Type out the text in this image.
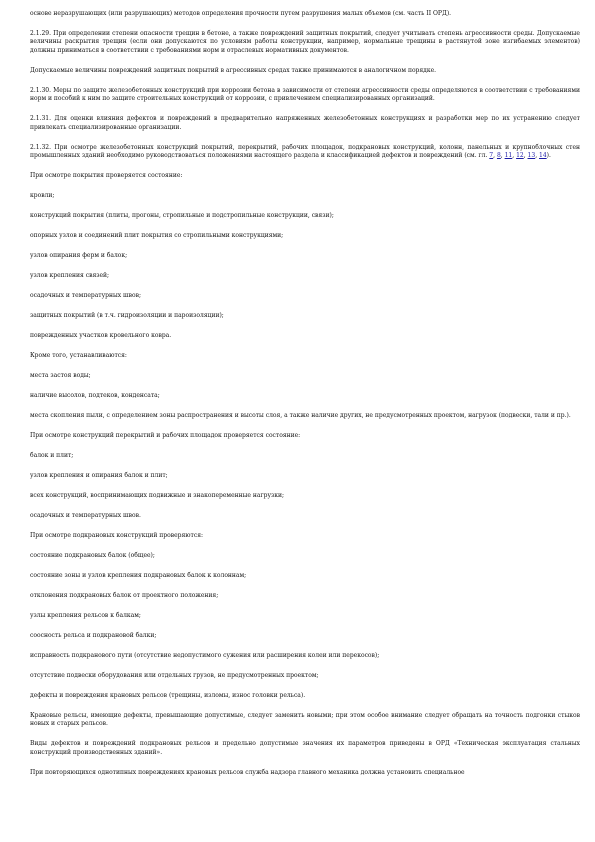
основе неразрушающих (или разрушающих) методов определения прочности путем разрушения малых объемов (см. часть II ОРД).

2.1.29. При определении степени опасности трещин в бетоне, а также повреждений защитных покрытий, следует учитывать степень агрессивности среды. Допускаемые величины раскрытия трещин (если они допускаются по условиям работы конструкции, например, нормальные трещины в растянутой зоне изгибаемых элементов) должны приниматься в соответствии с требованиями норм и отраслевых нормативных документов.

Допускаемые величины повреждений защитных покрытий в агрессивных средах также принимаются в аналогичном порядке.

2.1.30. Меры по защите железобетонных конструкций при коррозии бетона в зависимости от степени агрессивности среды определяются в соответствии с требованиями норм и пособий к ним по защите строительных конструкций от коррозии, с привлечением специализированных организаций.

2.1.31. Для оценки влияния дефектов и повреждений в предварительно напряженных железобетонных конструкциях и разработки мер по их устранению следует привлекать специализированные организации.

2.1.32. При осмотре железобетонных конструкций покрытий, перекрытий, рабочих площадок, подкрановых конструкций, колонн, панельных и крупноблочных стен промышленных зданий необходимо руководствоваться положениями настоящего раздела и классификацией дефектов и повреждений (см. гл. 7, 8, 11, 12, 13, 14).

При осмотре покрытия проверяется состояние:

кровли;

конструкций покрытия (плиты, прогоны, стропильные и подстропильные конструкции, связи);

опорных узлов и соединений плит покрытия со стропильными конструкциями;

узлов опирания ферм и балок;

узлов крепления связей;

осадочных и температурных швов;

защитных покрытий (в т.ч. гидроизоляции и пароизоляции);

поврежденных участков кровельного ковра.

Кроме того, устанавливаются:

места застоя воды;

наличие высолов, подтеков, конденсата;

места скопления пыли, с определением зоны распространения и высоты слоя, а также наличие других, не предусмотренных проектом, нагрузок (подвески, тали и пр.).

При осмотре конструкций перекрытий и рабочих площадок проверяется состояние:

балок и плит;

узлов крепления и опирания балок и плит;

всех конструкций, воспринимающих подвижные и знакопеременные нагрузки;

осадочных и температурных швов.

При осмотре подкрановых конструкций проверяются:

состояние подкрановых балок (общее);

состояние зоны и узлов крепления подкрановых балок к колоннам;

отклонения подкрановых балок от проектного положения;

узлы крепления рельсов к балкам;

соосность рельса и подкрановой балки;

исправность подкранового пути (отсутствие недопустимого сужения или расширения колеи или перекосов);

отсутствие подвески оборудования или отдельных грузов, не предусмотренных проектом;

дефекты и повреждения крановых рельсов (трещины, изломы, износ головки рельса).

Крановые рельсы, имеющие дефекты, превышающие допустимые, следует заменить новыми; при этом особое внимание следует обращать на точность подгонки стыков новых и старых рельсов.

Виды дефектов и повреждений подкрановых рельсов и предельно допустимые значения их параметров приведены в ОРД «Техническая эксплуатация стальных конструкций производственных зданий».

При повторяющихся однотипных повреждениях крановых рельсов служба надзора главного механика должна установить специальное
